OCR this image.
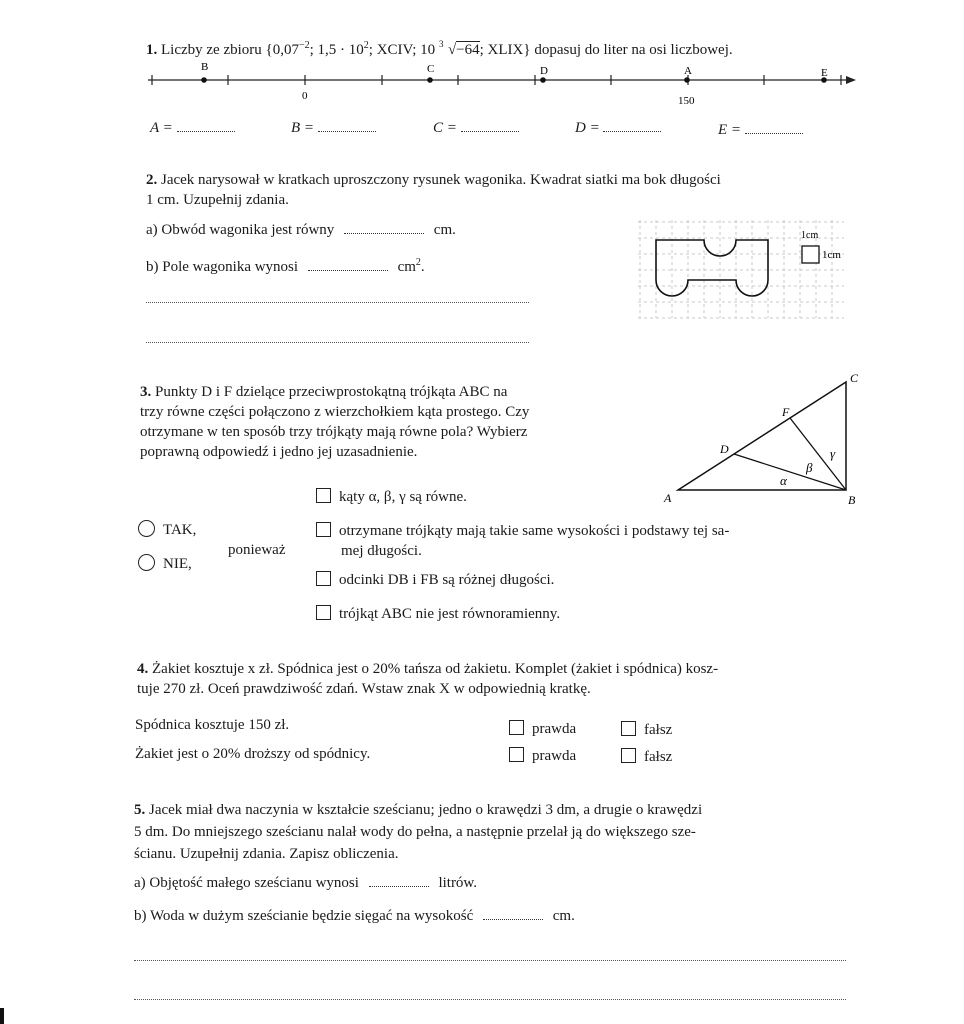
1. Liczby ze zbioru {$0,07^{-2}$; $1,5 \cdot 10^2$; XCIV; 10 3 √−64; XLIX} dopasuj do liter na osi liczbowej.
B	C	D	A	E
0	150
A =	B =	C =	D =	E =
2. Jacek narysował w kratkach uproszczony rysunek wagonika. Kwadrat siatki ma bok długości
1 cm. Uzupełnij zdania.
a) Obwód wagonika jest równy	cm.
b) Pole wagonika wynosi	$cm^2$.
1cm
1cm
3. Punkty D i F dzielące przeciwprostokątną trójkąta ABC na
trzy równe części połączono z wierzchołkiem kąta prostego. Czy
otrzymane w ten sposób trzy trójkąty mają równe pola? Wybierz
poprawną odpowiedź i jedno jej uzasadnienie.
A	B
C
D
F
α
β
γ
TAK,
NIE,
ponieważ
kąty α, β, γ są równe.
otrzymane trójkąty mają takie same wysokości i podstawy tej sa-
mej długości.
odcinki DB i FB są różnej długości.
trójkąt ABC nie jest równoramienny.
4. Żakiet kosztuje x zł. Spódnica jest o 20% tańsza od żakietu. Komplet (żakiet i spódnica) kosz-
tuje 270 zł. Oceń prawdziwość zdań. Wstaw znak X w odpowiednią kratkę.
Spódnica kosztuje 150 zł.	prawda	fałsz
Żakiet jest o 20% droższy od spódnicy.	prawda	fałsz
5. Jacek miał dwa naczynia w kształcie sześcianu; jedno o krawędzi 3 dm, a drugie o krawędzi
5 dm. Do mniejszego sześcianu nalał wody do pełna, a następnie przelał ją do większego sze-
ścianu. Uzupełnij zdania. Zapisz obliczenia.
a) Objętość małego sześcianu wynosi	litrów.
b) Woda w dużym sześcianie będzie sięgać na wysokość	cm.
